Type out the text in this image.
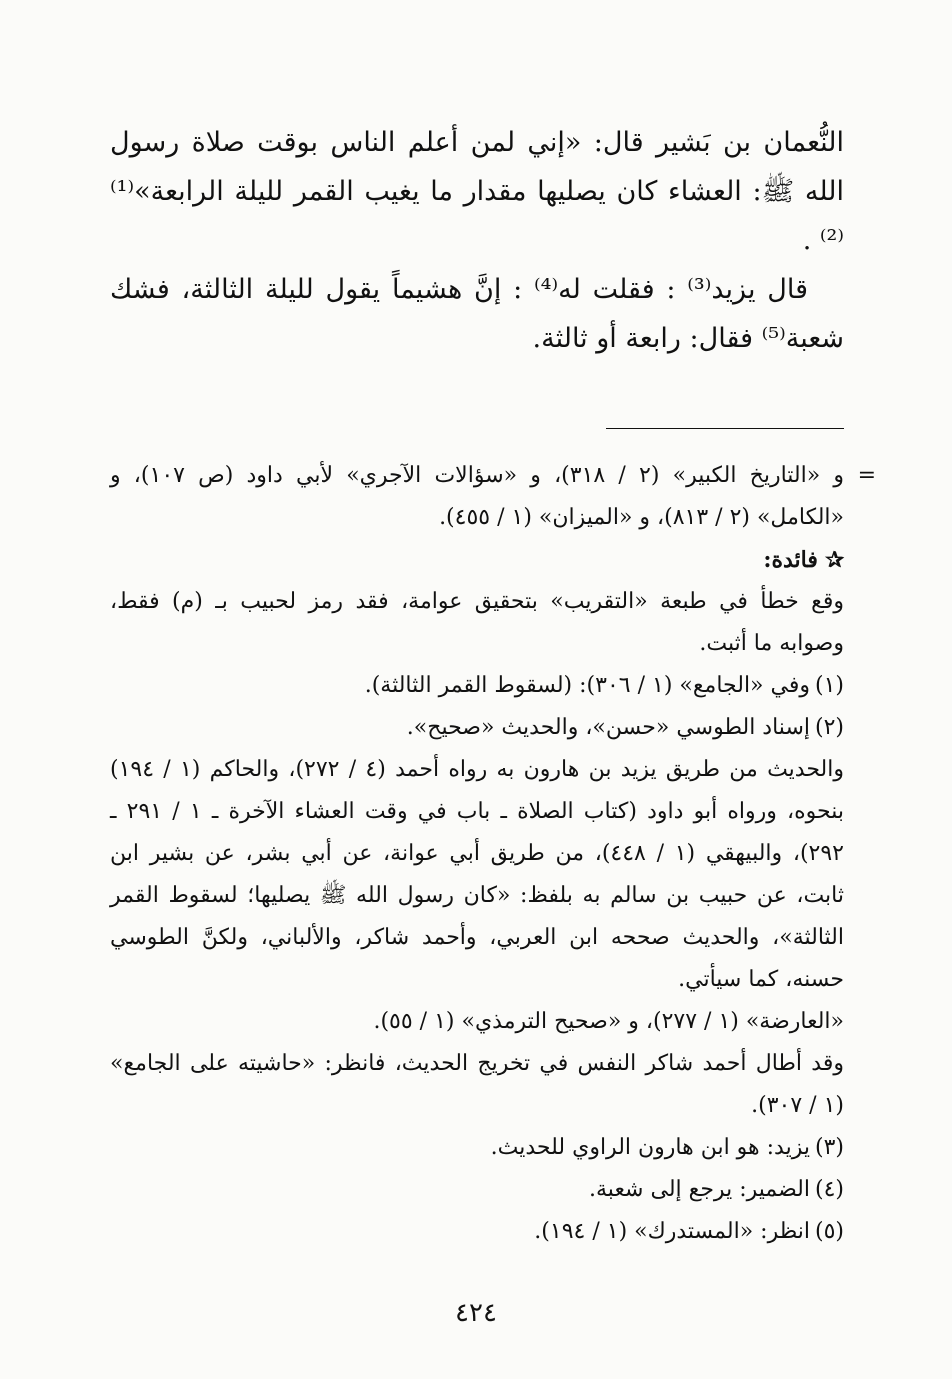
النُّعمان بن بَشير قال: «إني لمن أعلم الناس بوقت صلاة رسول الله ﷺ: العشاء كان يصليها مقدار ما يغيب القمر لليلة الرابعة»⁽¹⁾ ⁽²⁾ .

قال يزيد⁽³⁾ : فقلت له⁽⁴⁾ : إنَّ هشيماً يقول لليلة الثالثة، فشك شعبة⁽⁵⁾ فقال: رابعة أو ثالثة.

=

و «التاريخ الكبير» (٢ / ٣١٨)، و «سؤالات الآجري» لأبي داود (ص ١٠٧)، و «الكامل» (٢ / ٨١٣)، و «الميزان» (١ / ٤٥٥).

✰ فائدة:

وقع خطأ في طبعة «التقريب» بتحقيق عوامة، فقد رمز لحبيب بـ (م) فقط، وصوابه ما أثبت.

(١)
وفي «الجامع» (١ / ٣٠٦): (لسقوط القمر الثالثة).
(٢)
إسناد الطوسي «حسن»، والحديث «صحيح».

والحديث من طريق يزيد بن هارون به رواه أحمد (٤ / ٢٧٢)، والحاكم (١ / ١٩٤) بنحوه، ورواه أبو داود (كتاب الصلاة ـ باب في وقت العشاء الآخرة ـ ١ / ٢٩١ ـ ٢٩٢)، والبيهقي (١ / ٤٤٨)، من طريق أبي عوانة، عن أبي بشر، عن بشير ابن ثابت، عن حبيب بن سالم به بلفظ: «كان رسول الله ﷺ يصليها؛ لسقوط القمر الثالثة»، والحديث صححه ابن العربي، وأحمد شاكر، والألباني، ولكنَّ الطوسي حسنه، كما سيأتي.

«العارضة» (١ / ٢٧٧)، و «صحيح الترمذي» (١ / ٥٥).

وقد أطال أحمد شاكر النفس في تخريج الحديث، فانظر: «حاشيته على الجامع» (١ / ٣٠٧).

(٣)
يزيد: هو ابن هارون الراوي للحديث.
(٤)
الضمير: يرجع إلى شعبة.
(٥)
انظر: «المستدرك» (١ / ١٩٤).
٤٢٤
